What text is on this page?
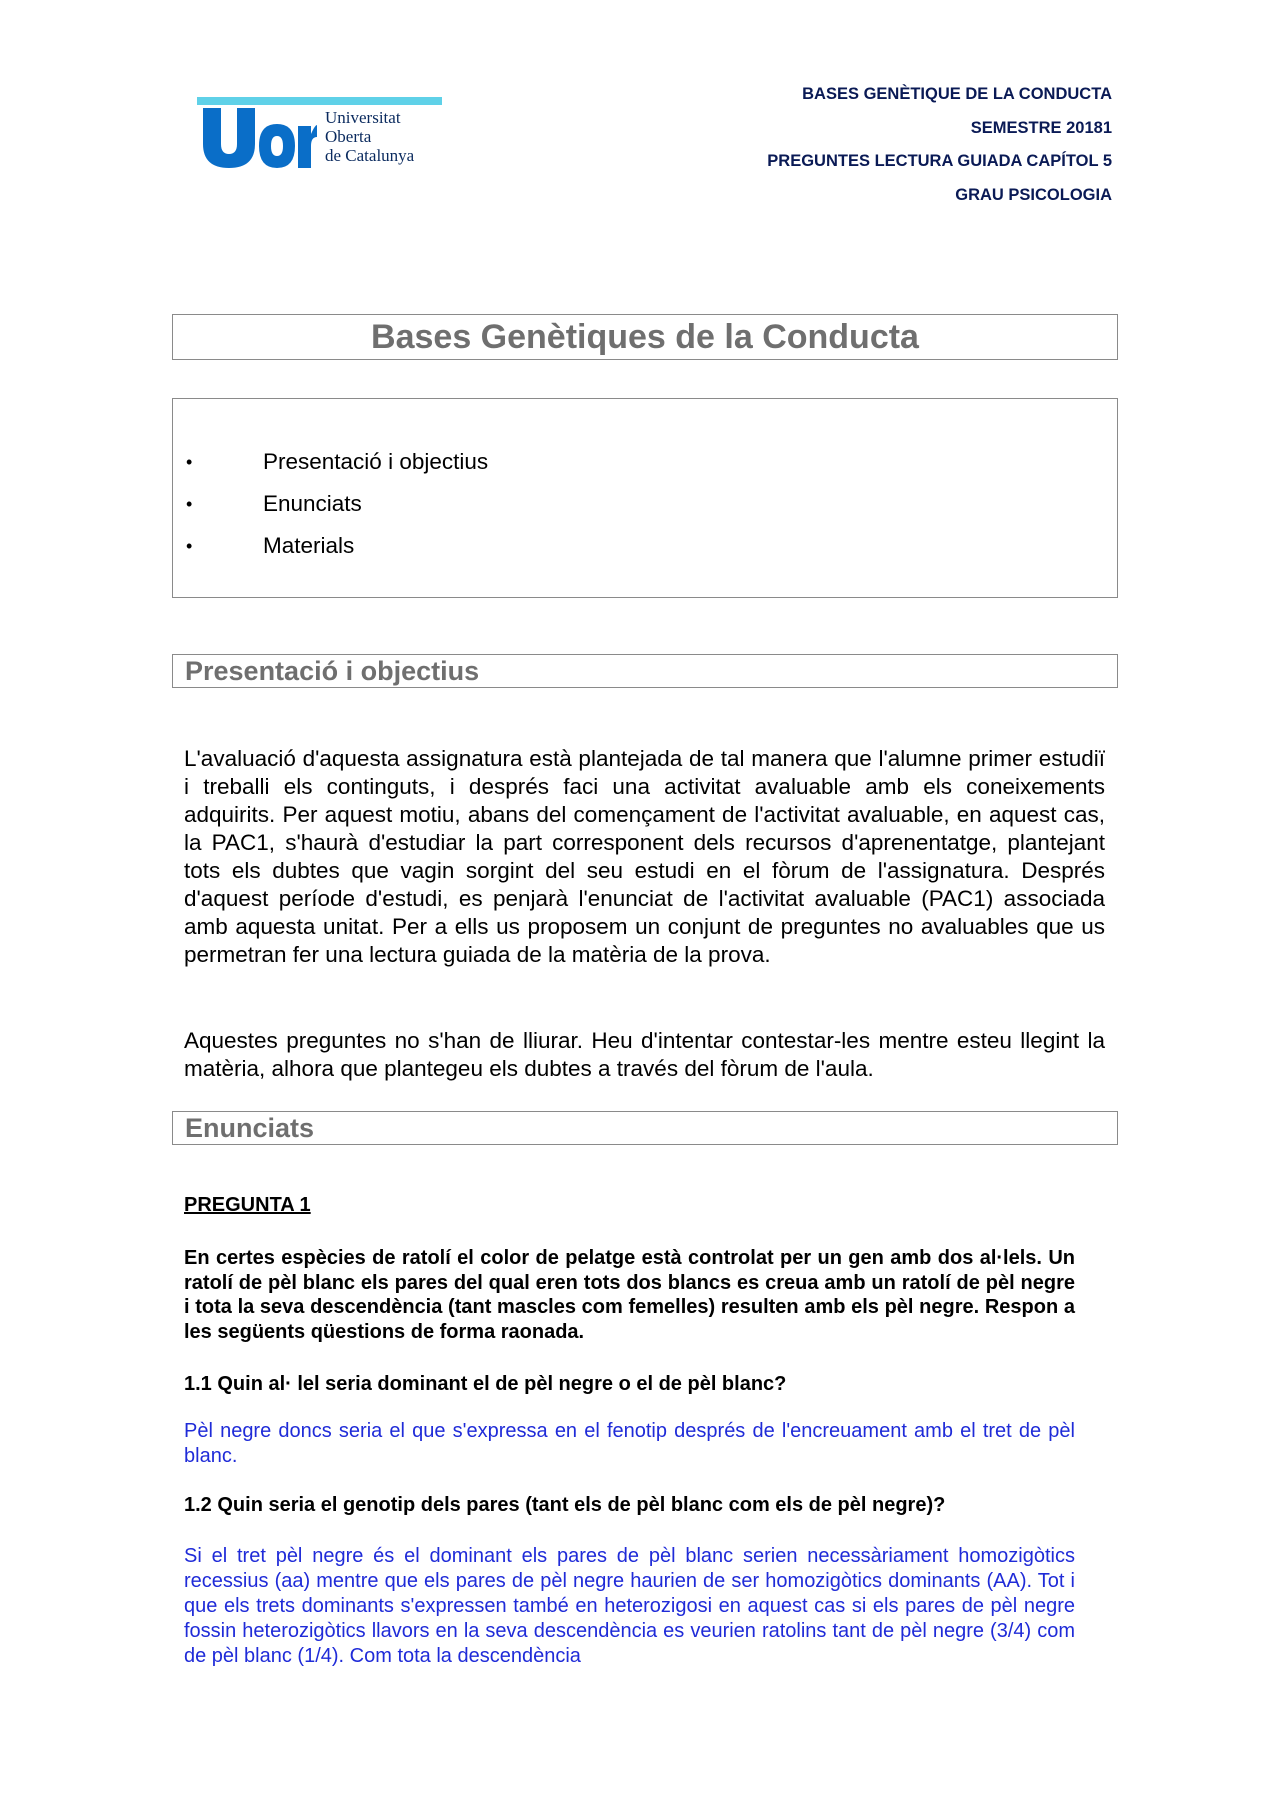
Universitat
Oberta
de Catalunya
BASES GENÈTIQUE DE LA CONDUCTA
SEMESTRE 20181
PREGUNTES LECTURA GUIADA CAPÍTOL 5
GRAU PSICOLOGIA
Bases Genètiques de la Conducta
• Presentació i objectius
• Enunciats
• Materials
Presentació i objectius

L'avaluació d'aquesta assignatura està plantejada de tal manera que l'alumne primer estudiï i treballi els continguts, i després faci una activitat avaluable amb els coneixements adquirits. Per aquest motiu, abans del començament de l'activitat avaluable, en aquest cas, la PAC1, s'haurà d'estudiar la part corresponent dels recursos d'aprenentatge, plantejant tots els dubtes que vagin sorgint del seu estudi en el fòrum de l'assignatura. Després d'aquest període d'estudi, es penjarà l'enunciat de l'activitat avaluable (PAC1) associada amb aquesta unitat. Per a ells us proposem un conjunt de preguntes no avaluables que us permetran fer una lectura guiada de la matèria de la prova.

Aquestes preguntes no s'han de lliurar. Heu d'intentar contestar-les mentre esteu llegint la matèria, alhora que plantegeu els dubtes a través del fòrum de l'aula.

Enunciats

PREGUNTA 1

En certes espècies de ratolí el color de pelatge està controlat per un gen amb dos al·lels. Un ratolí de pèl blanc els pares del qual eren tots dos blancs es creua amb un ratolí de pèl negre i tota la seva descendència (tant mascles com femelles) resulten amb els pèl negre. Respon a les següents qüestions de forma raonada.

1.1 Quin al· lel seria dominant el de pèl negre o el de pèl blanc?

Pèl negre doncs seria el que s'expressa en el fenotip després de l'encreuament amb el tret de pèl blanc.

1.2 Quin seria el genotip dels pares (tant els de pèl blanc com els de pèl negre)?

Si el tret pèl negre és el dominant els pares de pèl blanc serien necessàriament homozigòtics recessius (aa) mentre que els pares de pèl negre haurien de ser homozigòtics dominants (AA). Tot i que els trets dominants s'expressen també en heterozigosi en aquest cas si els pares de pèl negre fossin heterozigòtics llavors en la seva descendència es veurien ratolins tant de pèl negre (3/4) com de pèl blanc (1/4). Com tota la descendència
